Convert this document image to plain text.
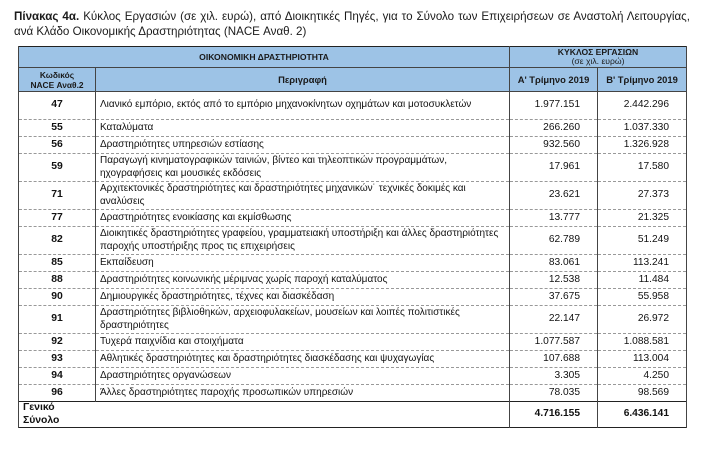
Πίνακας 4α. Κύκλος Εργασιών (σε χιλ. ευρώ), από Διοικητικές Πηγές, για το Σύνολο των Επιχειρήσεων σε Αναστολή Λειτουργίας, ανά Κλάδο Οικονομικής Δραστηριότητας (NACE Αναθ. 2)
ΟΙΚΟΝΟΜΙΚΗ ΔΡΑΣΤΗΡΙΟΤΗΤΑ		ΚΥΚΛΟΣ ΕΡΓΑΣΙΩΝ
(σε χιλ. ευρώ)	

Κωδικός
NACE Αναθ.2	Περιγραφή	Α' Τρίμηνο 2019	Β' Τρίμηνο 2019
47	Λιανικό εμπόριο, εκτός από το εμπόριο μηχανοκίνητων οχημάτων και μοτοσυκλετών	1.977.151	2.442.296
55	Καταλύματα	266.260	1.037.330
56	Δραστηριότητες υπηρεσιών εστίασης	932.560	1.326.928
59	Παραγωγή κινηματογραφικών ταινιών, βίντεο και τηλεοπτικών προγραμμάτων, ηχογραφήσεις και μουσικές εκδόσεις	17.961	17.580
71	Αρχιτεκτονικές δραστηριότητες και δραστηριότητες μηχανικών˙ τεχνικές δοκιμές και αναλύσεις	23.621	27.373
77	Δραστηριότητες ενοικίασης και εκμίσθωσης	13.777	21.325
82	Διοικητικές δραστηριότητες γραφείου, γραμματειακή υποστήριξη και άλλες δραστηριότητες παροχής υποστήριξης προς τις επιχειρήσεις	62.789	51.249
85	Εκπαίδευση	83.061	113.241
88	Δραστηριότητες κοινωνικής μέριμνας χωρίς παροχή καταλύματος	12.538	11.484
90	Δημιουργικές δραστηριότητες, τέχνες και διασκέδαση	37.675	55.958
91	Δραστηριότητες βιβλιοθηκών, αρχειοφυλακείων, μουσείων και λοιπές πολιτιστικές δραστηριότητες	22.147	26.972
92	Τυχερά παιχνίδια και στοιχήματα	1.077.587	1.088.581
93	Αθλητικές δραστηριότητες και δραστηριότητες διασκέδασης και ψυχαγωγίας	107.688	113.004
94	Δραστηριότητες οργανώσεων	3.305	4.250
96	Άλλες δραστηριότητες παροχής προσωπικών υπηρεσιών	78.035	98.569
Γενικό Σύνολο		4.716.155	6.436.141
